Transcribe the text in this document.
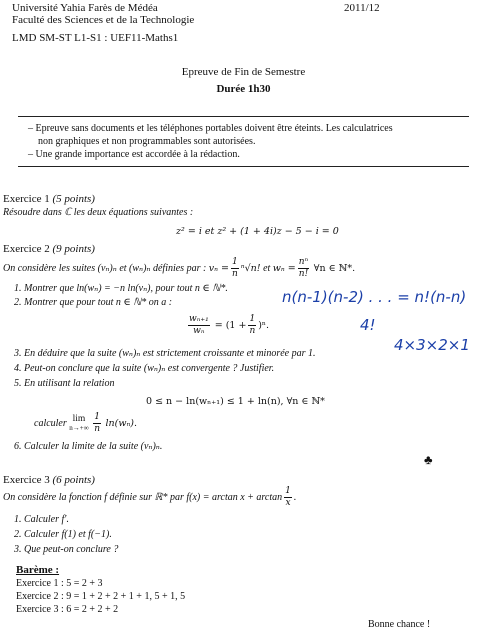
Université Yahia Farès de Médéa	2011/12
Faculté des Sciences et de la Technologie
LMD SM-ST L1-S1 : UEF11-Maths1
Epreuve de Fin de Semestre
Durée 1h30
– Epreuve sans documents et les téléphones portables doivent être éteints. Les calculatrices
non graphiques et non programmables sont autorisées.
– Une grande importance est accordée à la rédaction.
Exercice 1 (5 points)
Résoudre dans ℂ les deux équations suivantes :
z² = i et z² + (1 + 4i)z − 5 − i = 0
Exercice 2 (9 points)
On considère les suites (vₙ)ₙ et (wₙ)ₙ définies par : $v_n = \frac{1}{n} ^n√n$! et $w_n = \frac{\text{nⁿ}}{n!}$ ∀n ∈ ℕ*.
1. Montrer que ln(wₙ) = −n ln(vₙ), pour tout n ∈ ℕ*.
2. Montrer que pour tout n ∈ ℕ* on a :
$\frac{\text{wₙ₊₁}}{\text{wₙ}} = (1 + \frac{1}{n} )^n$.
3. En déduire que la suite (wₙ)ₙ est strictement croissante et minorée par 1.
4. Peut-on conclure que la suite (wₙ)ₙ est convergente ? Justifier.
5. En utilisant la relation
0 ≤ n − ln(wₙ₊₁) ≤ 1 + ln(n), ∀n ∈ ℕ*
calculer lim
n→+∞
$\frac{1}{n} \ln(w_n)$.
6. Calculer la limite de la suite (vₙ)ₙ.
♣
Exercice 3 (6 points)
On considère la fonction f définie sur ℝ* par $f(x) = \arctan x + \arctan \frac{1}{x}$ .
1. Calculer f′.
2. Calculer f(1) et f(−1).
3. Que peut-on conclure ?
Barème :
Exercice 1 : 5 = 2 + 3
Exercice 2 : 9 = 1 + 2 + 2 + 1 + 1, 5 + 1, 5
Exercice 3 : 6 = 2 + 2 + 2
Bonne chance !
n(n-1)(n-2) . . . = n!(n-n)
4!
4×3×2×1
